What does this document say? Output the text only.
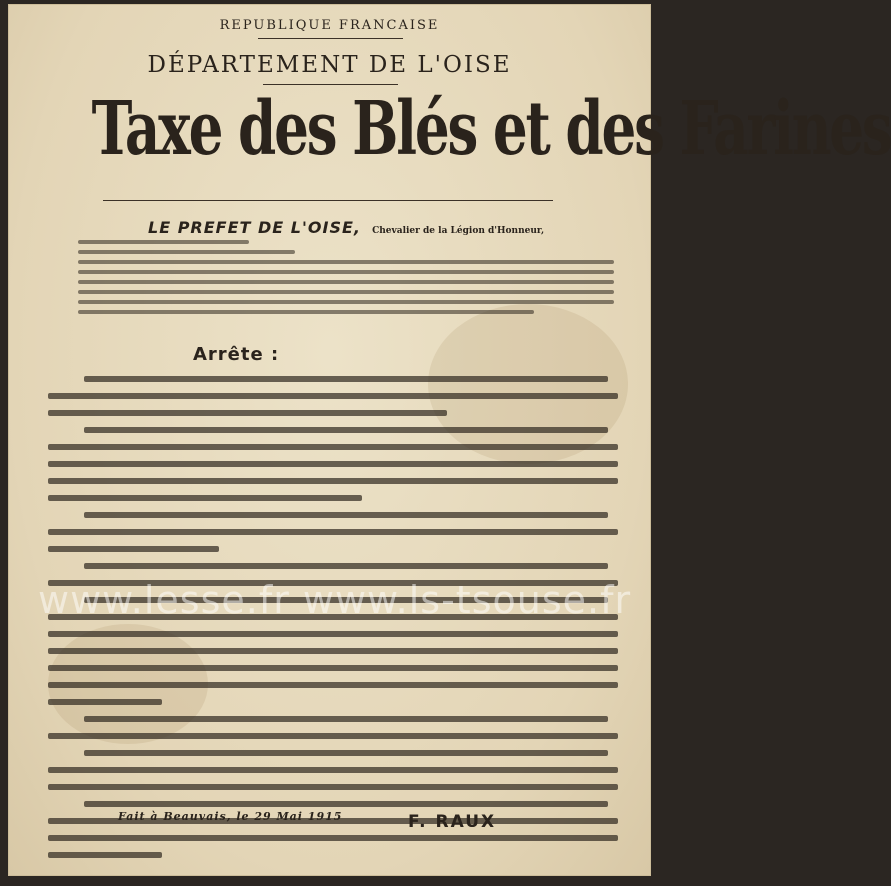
REPUBLIQUE FRANCAISE
DÉPARTEMENT DE L'OISE
Taxe des Blés et des Farines
LE PREFET DE L'OISE, Chevalier de la Légion d'Honneur,
Arrête :
www.lesse.fr www.ls-tsouse.fr
Fait à Beauvais, le 29 Mai 1915	F. RAUX
